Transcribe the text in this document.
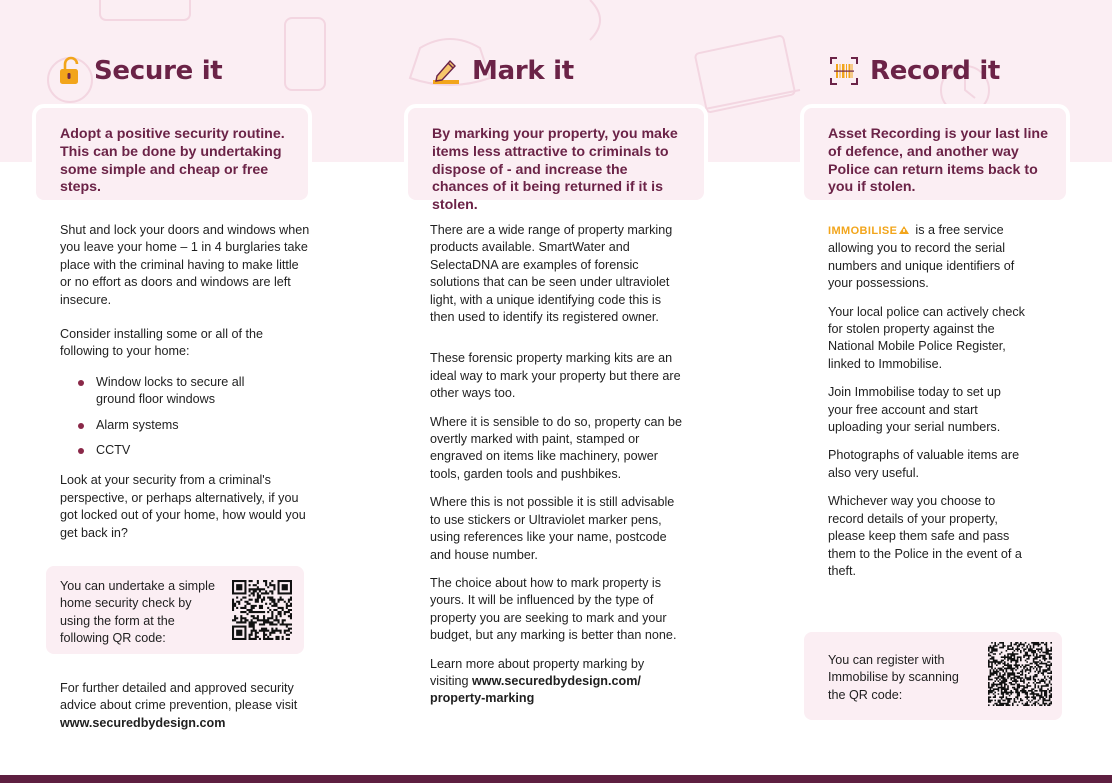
Secure it
Adopt a positive security routine. This can be done by undertaking some simple and cheap or free steps.

Shut and lock your doors and windows when you leave your home – 1 in 4 burglaries take place with the criminal having to make little or no effort as doors and windows are left insecure.

Consider installing some or all of the following to your home:

Window locks to secure all ground floor windows
Alarm systems
CCTV

Look at your security from a criminal's perspective, or perhaps alternatively, if you got locked out of your home, how would you get back in?

You can undertake a simple home security check by using the form at the following QR code:
For further detailed and approved security advice about crime prevention, please visit www.securedbydesign.com
Mark it
By marking your property, you make items less attractive to criminals to dispose of - and increase the chances of it being returned if it is stolen.

There are a wide range of property marking products available. SmartWater and SelectaDNA are examples of forensic solutions that can be seen under ultraviolet light, with a unique identifying code this is then used to identify its registered owner.

These forensic property marking kits are an ideal way to mark your property but there are other ways too.

Where it is sensible to do so, property can be overtly marked with paint, stamped or engraved on items like machinery, power tools, garden tools and pushbikes.

Where this is not possible it is still advisable to use stickers or Ultraviolet marker pens, using references like your name, postcode and house number.

The choice about how to mark property is yours. It will be influenced by the type of property you are seeking to mark and your budget, but any marking is better than none.

Learn more about property marking by visiting www.securedbydesign.com/ property-marking

Record it
Asset Recording is your last line of defence, and another way Police can return items back to you if stolen.

IMMOBILISE is a free service allowing you to record the serial numbers and unique identifiers of your possessions.

Your local police can actively check for stolen property against the National Mobile Police Register, linked to Immobilise.

Join Immobilise today to set up your free account and start uploading your serial numbers.

Photographs of valuable items are also very useful.

Whichever way you choose to record details of your property, please keep them safe and pass them to the Police in the event of a theft.

You can register with Immobilise by scanning the QR code:
